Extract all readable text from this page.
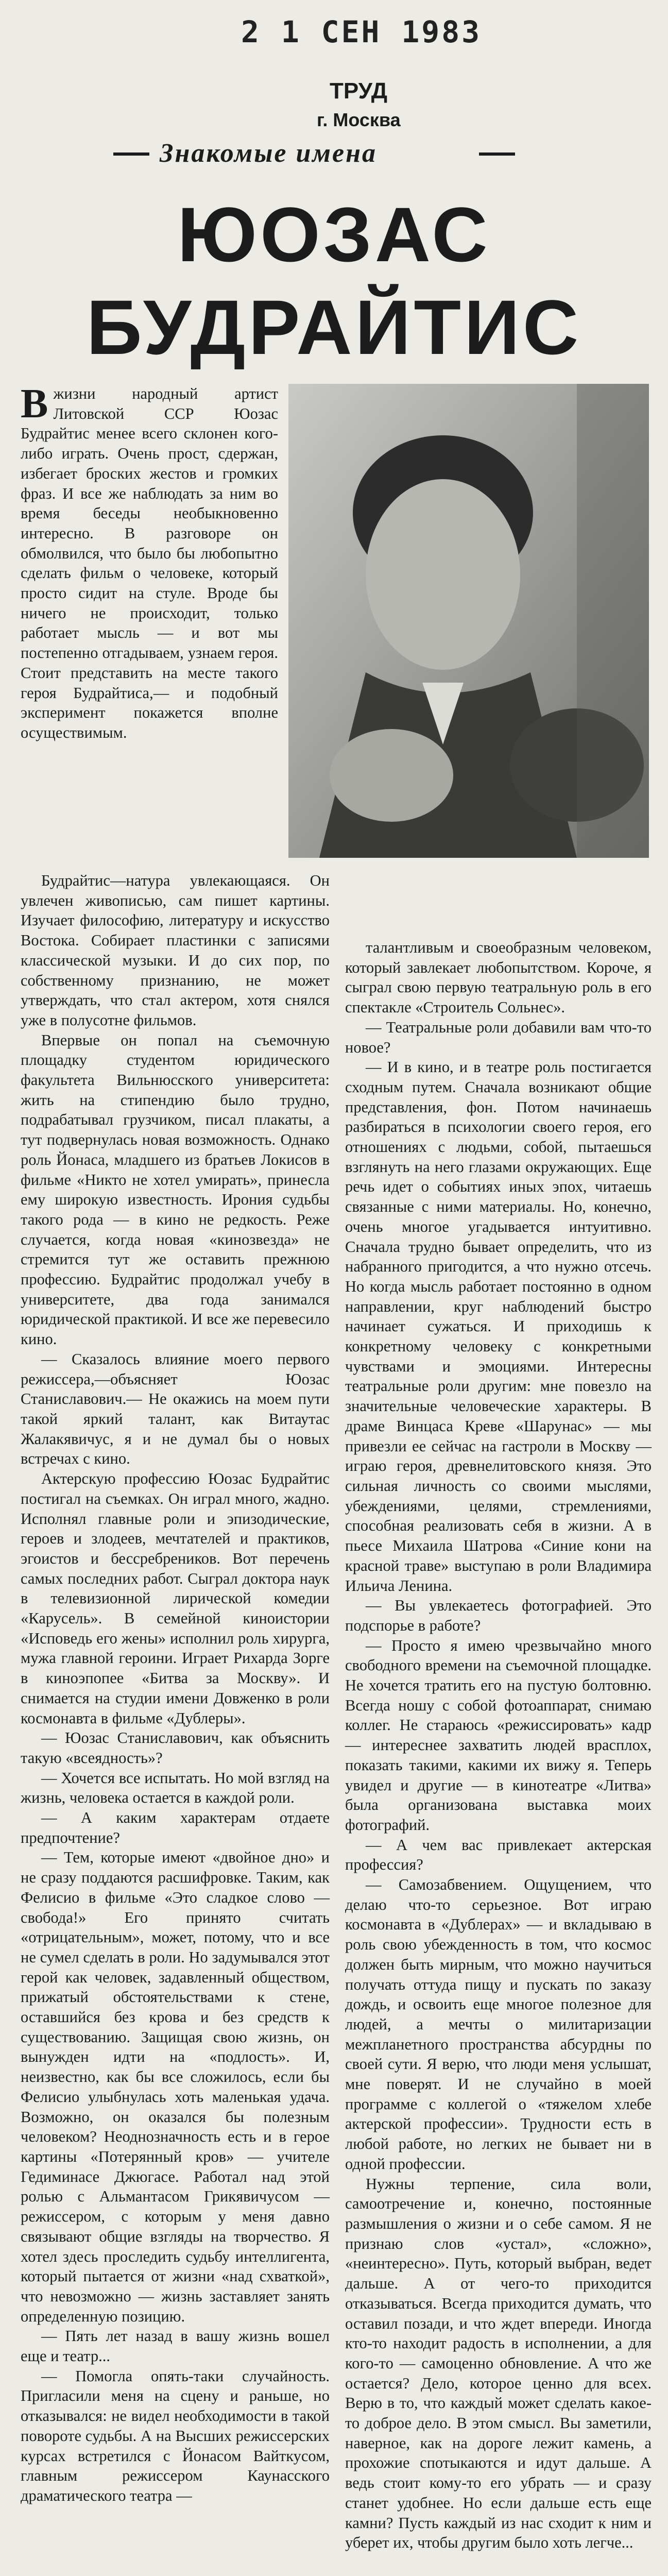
2 1 СЕН 1983
ТРУД
г. Москва
Знакомые имена
ЮОЗАС
БУДРАЙТИС

Вжизни народный артист Литовской ССР Юозас Будрайтис менее всего склонен кого-либо играть. Очень прост, сдержан, избегает броских жестов и громких фраз. И все же наблюдать за ним во время беседы необыкновенно интересно. В разговоре он обмолвился, что было бы любопытно сделать фильм о человеке, который просто сидит на стуле. Вроде бы ничего не происходит, только работает мысль — и вот мы постепенно отгадываем, узнаем героя. Стоит представить на месте такого героя Будрайтиса,— и подобный эксперимент покажется вполне осуществимым.

Будрайтис—натура увлекающаяся. Он увлечен живописью, сам пишет картины. Изучает философию, литературу и искусство Востока. Собирает пластинки с записями классической музыки. И до сих пор, по собственному признанию, не может утверждать, что стал актером, хотя снялся уже в полусотне фильмов.

Впервые он попал на съемочную площадку студентом юридического факультета Вильнюсского университета: жить на стипендию было трудно, подрабатывал грузчиком, писал плакаты, а тут подвернулась новая возможность. Однако роль Йонаса, младшего из братьев Локисов в фильме «Никто не хотел умирать», принесла ему широкую известность. Ирония судьбы такого рода — в кино не редкость. Реже случается, когда новая «кинозвезда» не стремится тут же оставить прежнюю профессию. Будрайтис продолжал учебу в университете, два года занимался юридической практикой. И все же перевесило кино.

— Сказалось влияние моего первого режиссера,—объясняет Юозас Станиславович.— Не окажись на моем пути такой яркий талант, как Витаутас Жалакявичус, я и не думал бы о новых встречах с кино.

Актерскую профессию Юозас Будрайтис постигал на съемках. Он играл много, жадно. Исполнял главные роли и эпизодические, героев и злодеев, мечтателей и практиков, эгоистов и бессребреников. Вот перечень самых последних работ. Сыграл доктора наук в телевизионной лирической комедии «Карусель». В семейной киноистории «Исповедь его жены» исполнил роль хирурга, мужа главной героини. Играет Рихарда Зорге в киноэпопее «Битва за Москву». И снимается на студии имени Довженко в роли космонавта в фильме «Дублеры».

— Юозас Станиславович, как объяснить такую «всеядность»?

— Хочется все испытать. Но мой взгляд на жизнь, человека остается в каждой роли.

— А каким характерам отдаете предпочтение?

— Тем, которые имеют «двойное дно» и не сразу поддаются расшифровке. Таким, как Фелисио в фильме «Это сладкое слово — свобода!» Его принято считать «отрицательным», может, потому, что и все не сумел сделать в роли. Но задумывался этот герой как человек, задавленный обществом, прижатый обстоятельствами к стене, оставшийся без крова и без средств к существованию. Защищая свою жизнь, он вынужден идти на «подлость». И, неизвестно, как бы все сложилось, если бы Фелисио улыбнулась хоть маленькая удача. Возможно, он оказался бы полезным человеком? Неоднозначность есть и в герое картины «Потерянный кров» — учителе Гедиминасе Джюгасе. Работал над этой ролью с Альмантасом Грикявичусом — режиссером, с которым у меня давно связывают общие взгляды на творчество. Я хотел здесь проследить судьбу интеллигента, который пытается от жизни «над схваткой», что невозможно — жизнь заставляет занять определенную позицию.

— Пять лет назад в вашу жизнь вошел еще и театр...

— Помогла опять-таки случайность. Пригласили меня на сцену и раньше, но отказывался: не видел необходимости в такой повороте судьбы. А на Высших режиссерских курсах встретился с Йонасом Вайткусом, главным режиссером Каунасского драматического театра —

талантливым и своеобразным человеком, который завлекает любопытством. Короче, я сыграл свою первую театральную роль в его спектакле «Строитель Сольнес».

— Театральные роли добавили вам что-то новое?

— И в кино, и в театре роль постигается сходным путем. Сначала возникают общие представления, фон. Потом начинаешь разбираться в психологии своего героя, его отношениях с людьми, собой, пытаешься взглянуть на него глазами окружающих. Еще речь идет о событиях иных эпох, читаешь связанные с ними материалы. Но, конечно, очень многое угадывается интуитивно. Сначала трудно бывает определить, что из набранного пригодится, а что нужно отсечь. Но когда мысль работает постоянно в одном направлении, круг наблюдений быстро начинает сужаться. И приходишь к конкретному человеку с конкретными чувствами и эмоциями. Интересны театральные роли другим: мне повезло на значительные человеческие характеры. В драме Винцаса Креве «Шарунас» — мы привезли ее сейчас на гастроли в Москву — играю героя, древнелитовского князя. Это сильная личность со своими мыслями, убеждениями, целями, стремлениями, способная реализовать себя в жизни. А в пьесе Михаила Шатрова «Синие кони на красной траве» выступаю в роли Владимира Ильича Ленина.

— Вы увлекаетесь фотографией. Это подспорье в работе?

— Просто я имею чрезвычайно много свободного времени на съемочной площадке. Не хочется тратить его на пустую болтовню. Всегда ношу с собой фотоаппарат, снимаю коллег. Не стараюсь «режиссировать» кадр — интереснее захватить людей врасплох, показать такими, какими их вижу я. Теперь увидел и другие — в кинотеатре «Литва» была организована выставка моих фотографий.

— А чем вас привлекает актерская профессия?

— Самозабвением. Ощущением, что делаю что-то серьезное. Вот играю космонавта в «Дублерах» — и вкладываю в роль свою убежденность в том, что космос должен быть мирным, что можно научиться получать оттуда пищу и пускать по заказу дождь, и освоить еще многое полезное для людей, а мечты о милитаризации межпланетного пространства абсурдны по своей сути. Я верю, что люди меня услышат, мне поверят. И не случайно в моей программе с коллегой о «тяжелом хлебе актерской профессии». Трудности есть в любой работе, но легких не бывает ни в одной профессии.

Нужны терпение, сила воли, самоотречение и, конечно, постоянные размышления о жизни и о себе самом. Я не признаю слов «устал», «сложно», «неинтересно». Путь, который выбран, ведет дальше. А от чего-то приходится отказываться. Всегда приходится думать, что оставил позади, и что ждет впереди. Иногда кто-то находит радость в исполнении, а для кого-то — самоценно обновление. А что же остается? Дело, которое ценно для всех. Верю в то, что каждый может сделать какое-то доброе дело. В этом смысл. Вы заметили, наверное, как на дороге лежит камень, а прохожие спотыкаются и идут дальше. А ведь стоит кому-то его убрать — и сразу станет удобнее. Но если дальше есть еще камни? Пусть каждый из нас сходит к ним и уберет их, чтобы другим было хоть легче...
